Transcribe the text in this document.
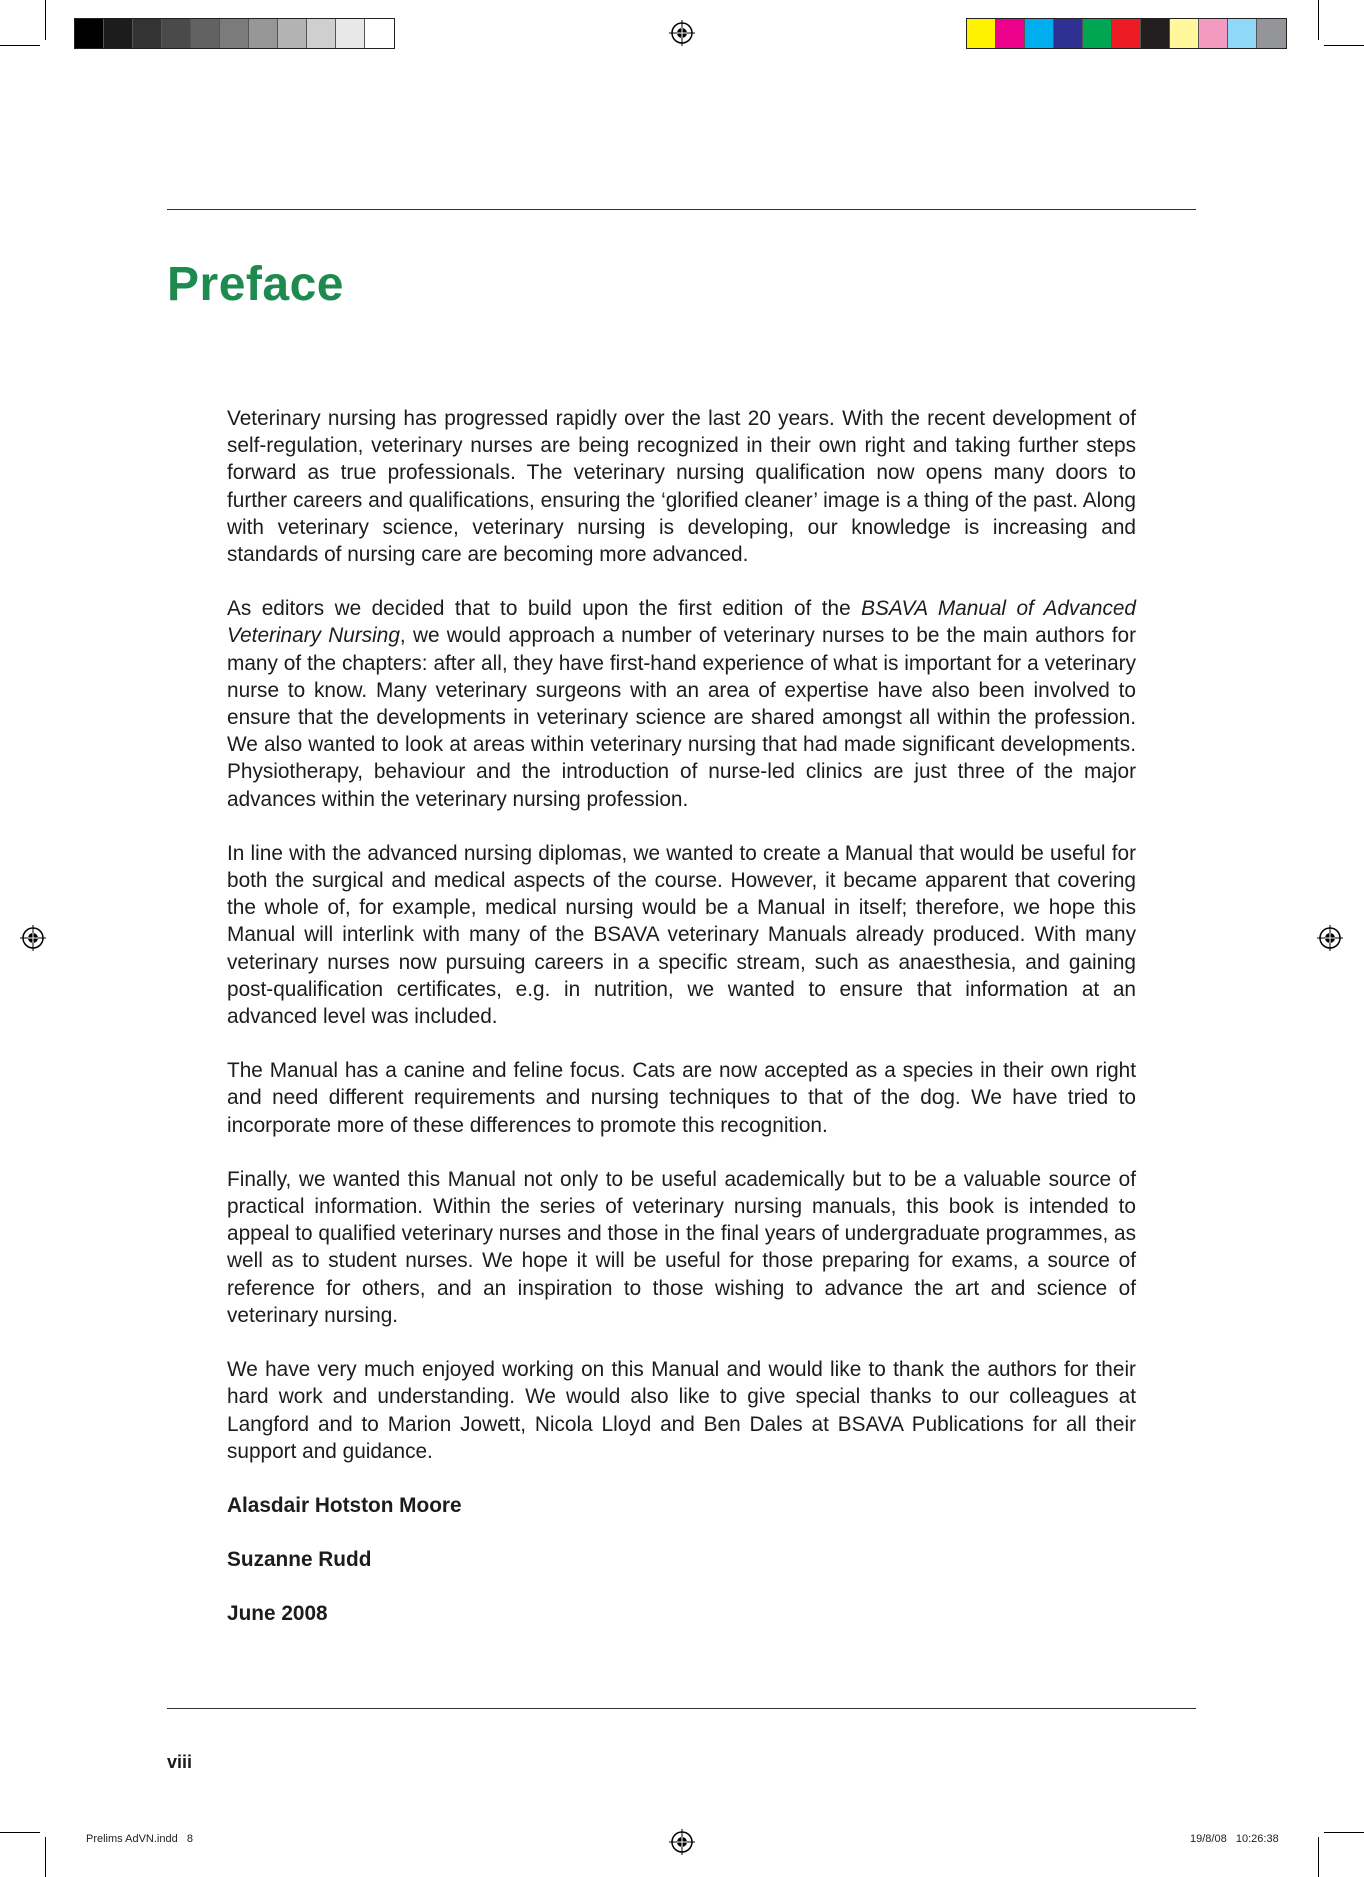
Preface

Veterinary nursing has progressed rapidly over the last 20 years. With the recent development of self-regulation, veterinary nurses are being recognized in their own right and taking further steps forward as true professionals. The veterinary nursing qualification now opens many doors to further careers and qualifications, ensuring the ‘glorified cleaner’ image is a thing of the past. Along with veterinary science, veterinary nursing is developing, our knowledge is increasing and standards of nursing care are becoming more advanced.

As editors we decided that to build upon the first edition of the BSAVA Manual of Advanced Veterinary Nursing, we would approach a number of veterinary nurses to be the main authors for many of the chapters: after all, they have first-hand experience of what is important for a veterinary nurse to know. Many veterinary surgeons with an area of expertise have also been involved to ensure that the developments in veterinary science are shared amongst all within the profession. We also wanted to look at areas within veterinary nursing that had made significant developments. Physiotherapy, behaviour and the introduction of nurse-led clinics are just three of the major advances within the veterinary nursing profession.

In line with the advanced nursing diplomas, we wanted to create a Manual that would be useful for both the surgical and medical aspects of the course. However, it became apparent that covering the whole of, for example, medical nursing would be a Manual in itself; therefore, we hope this Manual will interlink with many of the BSAVA veterinary Manuals already produced. With many veterinary nurses now pursuing careers in a specific stream, such as anaesthesia, and gaining post-qualification certificates, e.g. in nutrition, we wanted to ensure that information at an advanced level was included.

The Manual has a canine and feline focus. Cats are now accepted as a species in their own right and need different requirements and nursing techniques to that of the dog. We have tried to incorporate more of these differences to promote this recognition.

Finally, we wanted this Manual not only to be useful academically but to be a valuable source of practical information. Within the series of veterinary nursing manuals, this book is intended to appeal to qualified veterinary nurses and those in the final years of undergraduate programmes, as well as to student nurses. We hope it will be useful for those preparing for exams, a source of reference for others, and an inspiration to those wishing to advance the art and science of veterinary nursing.

We have very much enjoyed working on this Manual and would like to thank the authors for their hard work and understanding. We would also like to give special thanks to our colleagues at Langford and to Marion Jowett, Nicola Lloyd and Ben Dales at BSAVA Publications for all their support and guidance.

Alasdair Hotston Moore

Suzanne Rudd

June 2008

viii
Prelims AdVN.indd   8	19/8/08   10:26:38
